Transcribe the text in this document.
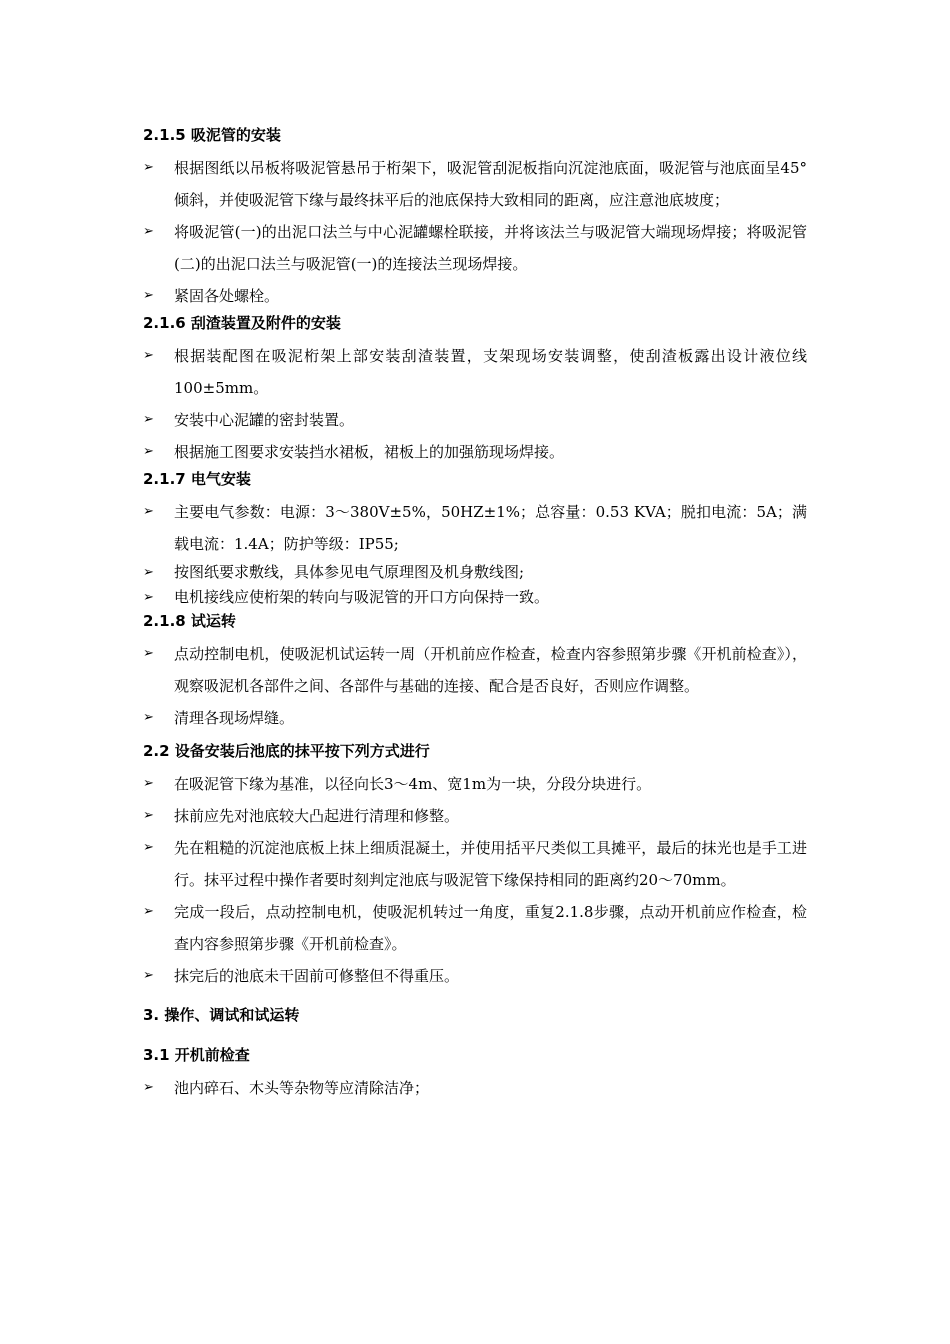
2.1.5 吸泥管的安装

➢	根据图纸以吊板将吸泥管悬吊于桁架下，吸泥管刮泥板指向沉淀池底面，吸泥管与池底面呈45°倾斜，并使吸泥管下缘与最终抹平后的池底保持大致相同的距离，应注意池底坡度；
➢	将吸泥管(一)的出泥口法兰与中心泥罐螺栓联接，并将该法兰与吸泥管大端现场焊接；将吸泥管(二)的出泥口法兰与吸泥管(一)的连接法兰现场焊接。
➢	紧固各处螺栓。

2.1.6 刮渣装置及附件的安装

➢	根据装配图在吸泥桁架上部安装刮渣装置，支架现场安装调整，使刮渣板露出设计液位线100±5mm。
➢	安装中心泥罐的密封装置。
➢	根据施工图要求安装挡水裙板，裙板上的加强筋现场焊接。

2.1.7 电气安装

➢	主要电气参数：电源：3～380V±5%，50HZ±1%；总容量：0.53 KVA；脱扣电流：5A；满载电流：1.4A；防护等级：IP55;
➢	按图纸要求敷线，具体参见电气原理图及机身敷线图;
➢	电机接线应使桁架的转向与吸泥管的开口方向保持一致。

2.1.8 试运转

➢	点动控制电机，使吸泥机试运转一周（开机前应作检查，检查内容参照第步骤《开机前检查》），观察吸泥机各部件之间、各部件与基础的连接、配合是否良好，否则应作调整。
➢	清理各现场焊缝。

2.2 设备安装后池底的抹平按下列方式进行

➢	在吸泥管下缘为基准，以径向长3～4m、宽1m为一块，分段分块进行。
➢	抹前应先对池底较大凸起进行清理和修整。
➢	先在粗糙的沉淀池底板上抹上细质混凝土，并使用括平尺类似工具摊平，最后的抹光也是手工进行。抹平过程中操作者要时刻判定池底与吸泥管下缘保持相同的距离约20～70mm。
➢	完成一段后，点动控制电机，使吸泥机转过一角度，重复2.1.8步骤，点动开机前应作检查，检查内容参照第步骤《开机前检查》。
➢	抹完后的池底未干固前可修整但不得重压。

3. 操作、调试和试运转

3.1 开机前检查

➢	池内碎石、木头等杂物等应清除洁净；
